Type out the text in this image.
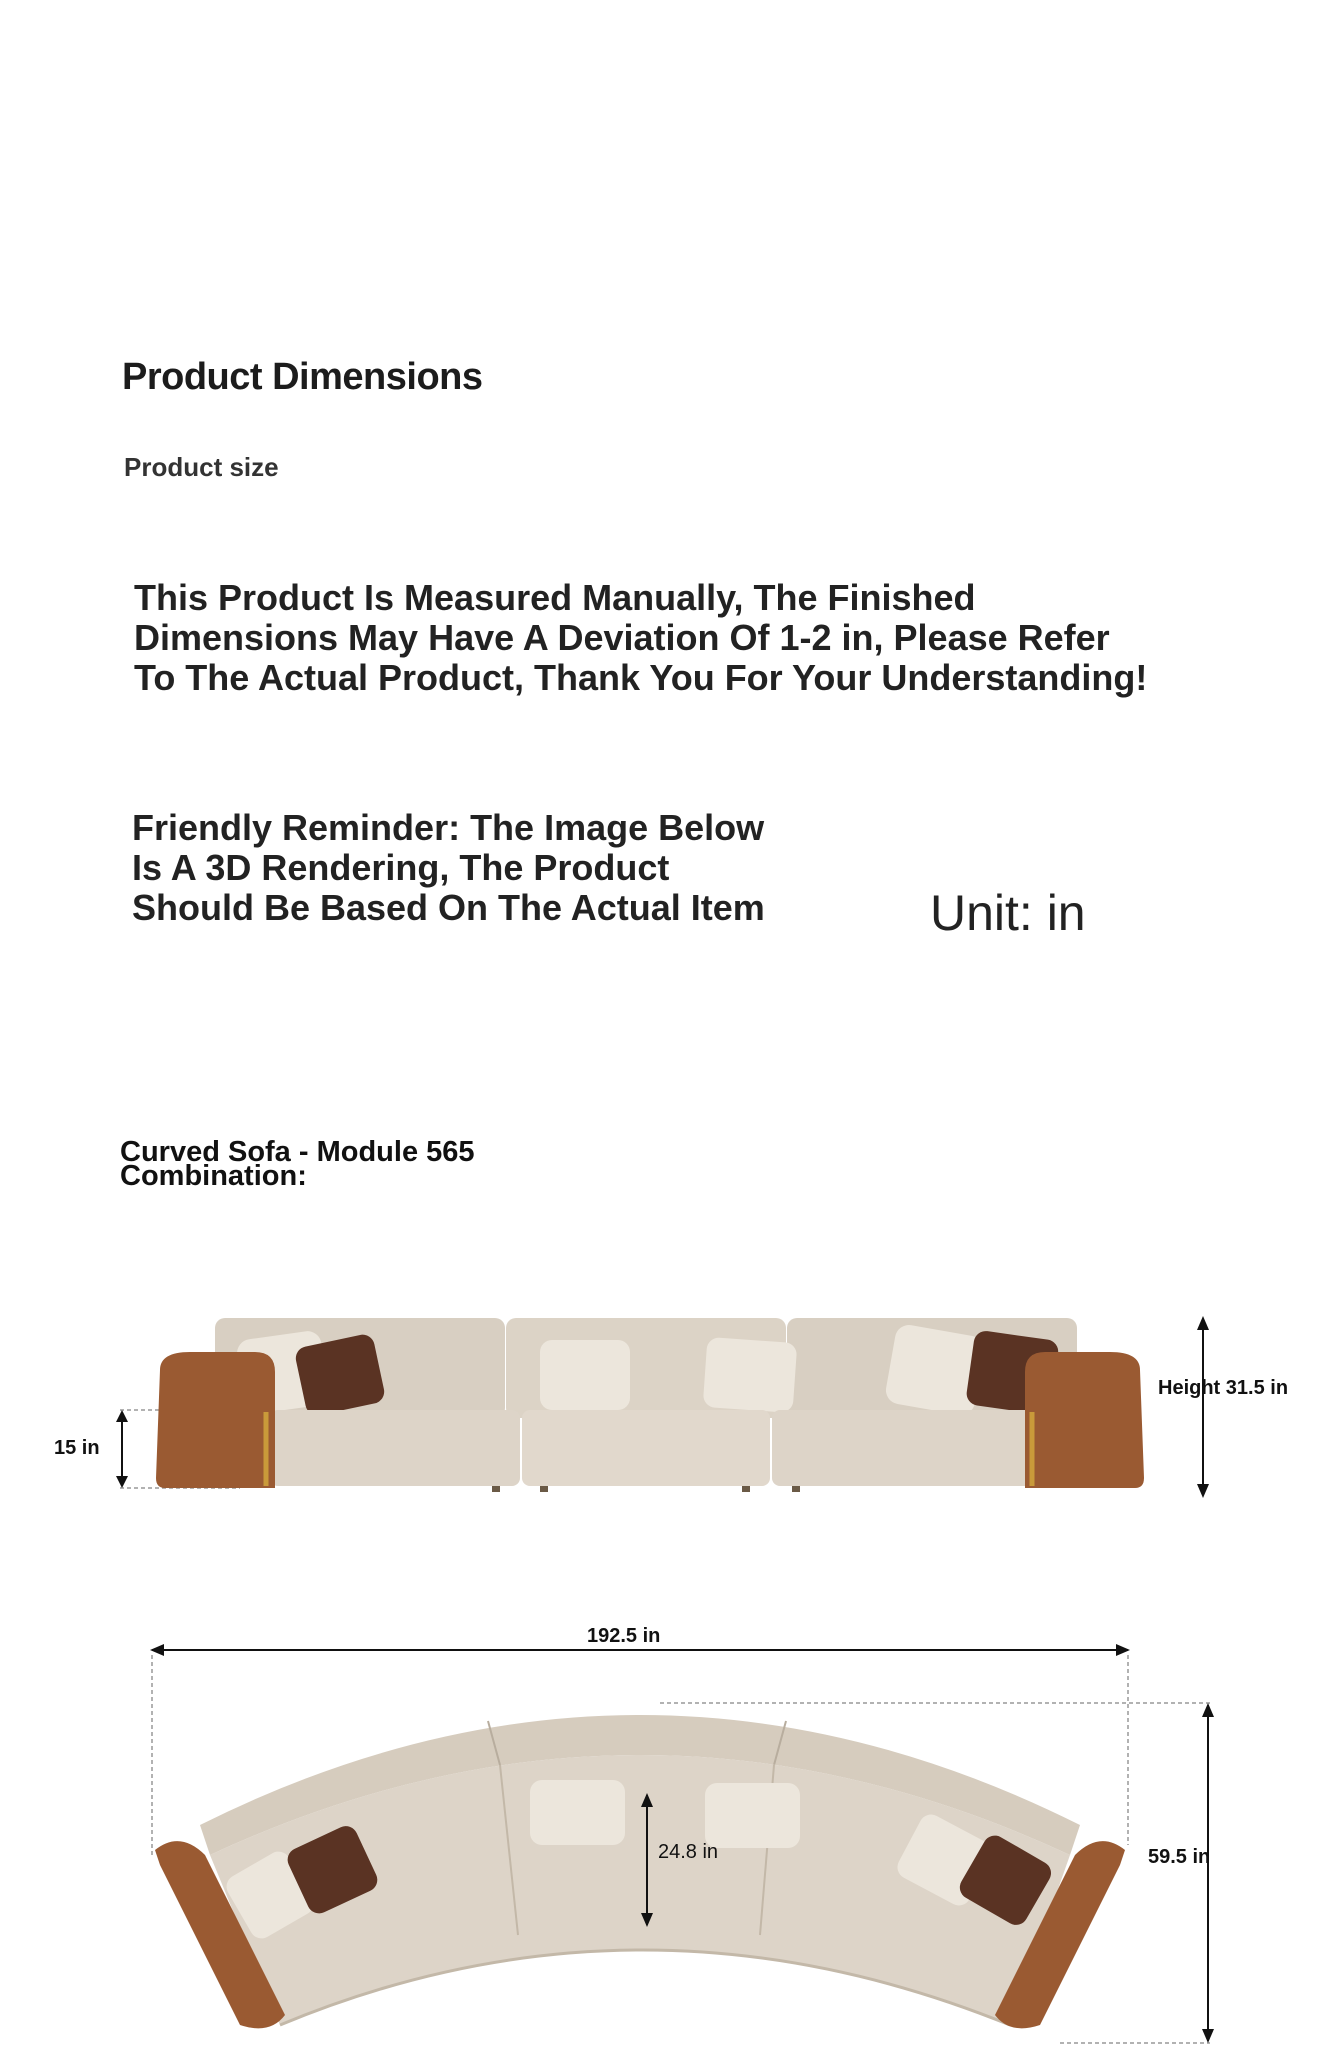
Product Dimensions
Product size
This Product Is Measured Manually, The Finished Dimensions May Have A Deviation Of 1-2 in, Please Refer To The Actual Product, Thank You For Your Understanding!
Friendly Reminder: The Image Below Is A 3D Rendering, The Product Should Be Based On The Actual Item	Unit: in
Curved Sofa - Module 565
Combination:
15 in
Height 31.5 in
192.5 in
59.5 in
24.8 in
